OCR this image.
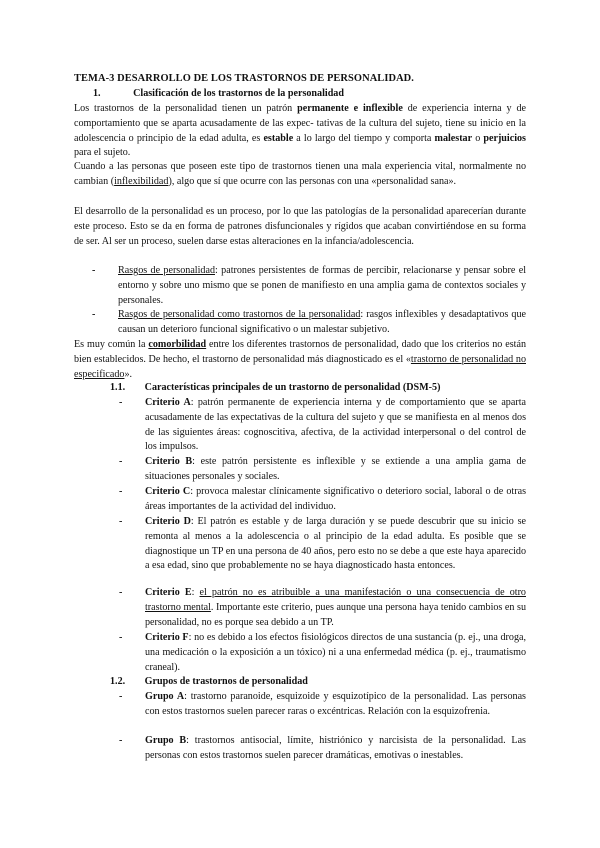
TEMA-3 DESARROLLO DE LOS TRASTORNOS DE PERSONALIDAD.
1.	Clasificación de los trastornos de la personalidad

Los trastornos de la personalidad tienen un patrón permanente e inflexible de experiencia interna y de comportamiento que se aparta acusadamente de las expec- tativas de la cultura del sujeto, tiene su inicio en la adolescencia o principio de la edad adulta, es estable a lo largo del tiempo y comporta malestar o perjuicios para el sujeto.

Cuando a las personas que poseen este tipo de trastornos tienen una mala experiencia vital, normalmente no cambian (inflexibilidad), algo que sí que ocurre con las personas con una «personalidad sana».

El desarrollo de la personalidad es un proceso, por lo que las patologías de la personalidad aparecerían durante este proceso. Esto se da en forma de patrones disfuncionales y rígidos que acaban convirtiéndose en su forma de ser. Al ser un proceso, suelen darse estas alteraciones en la infancia/adolescencia.

- Rasgos de personalidad: patrones persistentes de formas de percibir, relacionarse y pensar sobre el entorno y sobre uno mismo que se ponen de manifiesto en una amplia gama de contextos sociales y personales.
- Rasgos de personalidad como trastornos de la personalidad: rasgos inflexibles y desadaptativos que causan un deterioro funcional significativo o un malestar subjetivo.

Es muy común la comorbilidad entre los diferentes trastornos de personalidad, dado que los criterios no están bien establecidos. De hecho, el trastorno de personalidad más diagnosticado es el «trastorno de personalidad no especificado».

1.1. Características principales de un trastorno de personalidad (DSM-5)
- Criterio A: patrón permanente de experiencia interna y de comportamiento que se aparta acusadamente de las expectativas de la cultura del sujeto y que se manifiesta en al menos dos de las siguientes áreas: cognoscitiva, afectiva, de la actividad interpersonal o del control de los impulsos.
- Criterio B: este patrón persistente es inflexible y se extiende a una amplia gama de situaciones personales y sociales.
- Criterio C: provoca malestar clínicamente significativo o deterioro social, laboral o de otras áreas importantes de la actividad del individuo.
- Criterio D: El patrón es estable y de larga duración y se puede descubrir que su inicio se remonta al menos a la adolescencia o al principio de la edad adulta. Es posible que se diagnostique un TP en una persona de 40 años, pero esto no se debe a que este haya aparecido a esa edad, sino que probablemente no se haya diagnosticado hasta entonces.
- Criterio E: el patrón no es atribuible a una manifestación o una consecuencia de otro trastorno mental. Importante este criterio, pues aunque una persona haya tenido cambios en su personalidad, no es porque sea debido a un TP.
- Criterio F: no es debido a los efectos fisiológicos directos de una sustancia (p. ej., una droga, una medicación o la exposición a un tóxico) ni a una enfermedad médica (p. ej., traumatismo craneal).
1.2. Grupos de trastornos de personalidad
- Grupo A: trastorno paranoide, esquizoide y esquizotípico de la personalidad. Las personas con estos trastornos suelen parecer raras o excéntricas. Relación con la esquizofrenia.
- Grupo B: trastornos antisocial, límite, histriónico y narcisista de la personalidad. Las personas con estos trastornos suelen parecer dramáticas, emotivas o inestables.
